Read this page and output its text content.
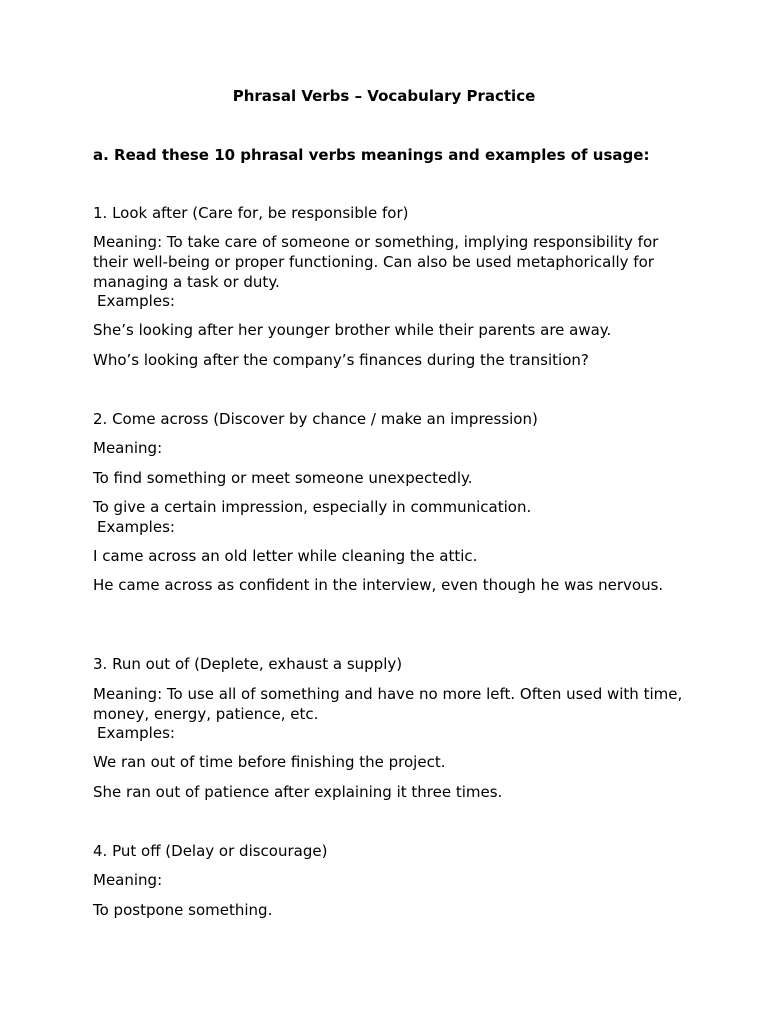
Phrasal Verbs – Vocabulary Practice

a. Read these 10 phrasal verbs meanings and examples of usage:

1. Look after (Care for, be responsible for)

Meaning: To take care of someone or something, implying responsibility for their well-being or proper functioning. Can also be used metaphorically for managing a task or duty.

Examples:

She’s looking after her younger brother while their parents are away.

Who’s looking after the company’s finances during the transition?

2. Come across (Discover by chance / make an impression)

Meaning:

To find something or meet someone unexpectedly.

To give a certain impression, especially in communication.

Examples:

I came across an old letter while cleaning the attic.

He came across as confident in the interview, even though he was nervous.

3. Run out of (Deplete, exhaust a supply)

Meaning: To use all of something and have no more left. Often used with time, money, energy, patience, etc.

Examples:

We ran out of time before finishing the project.

She ran out of patience after explaining it three times.

4. Put off (Delay or discourage)

Meaning:

To postpone something.
